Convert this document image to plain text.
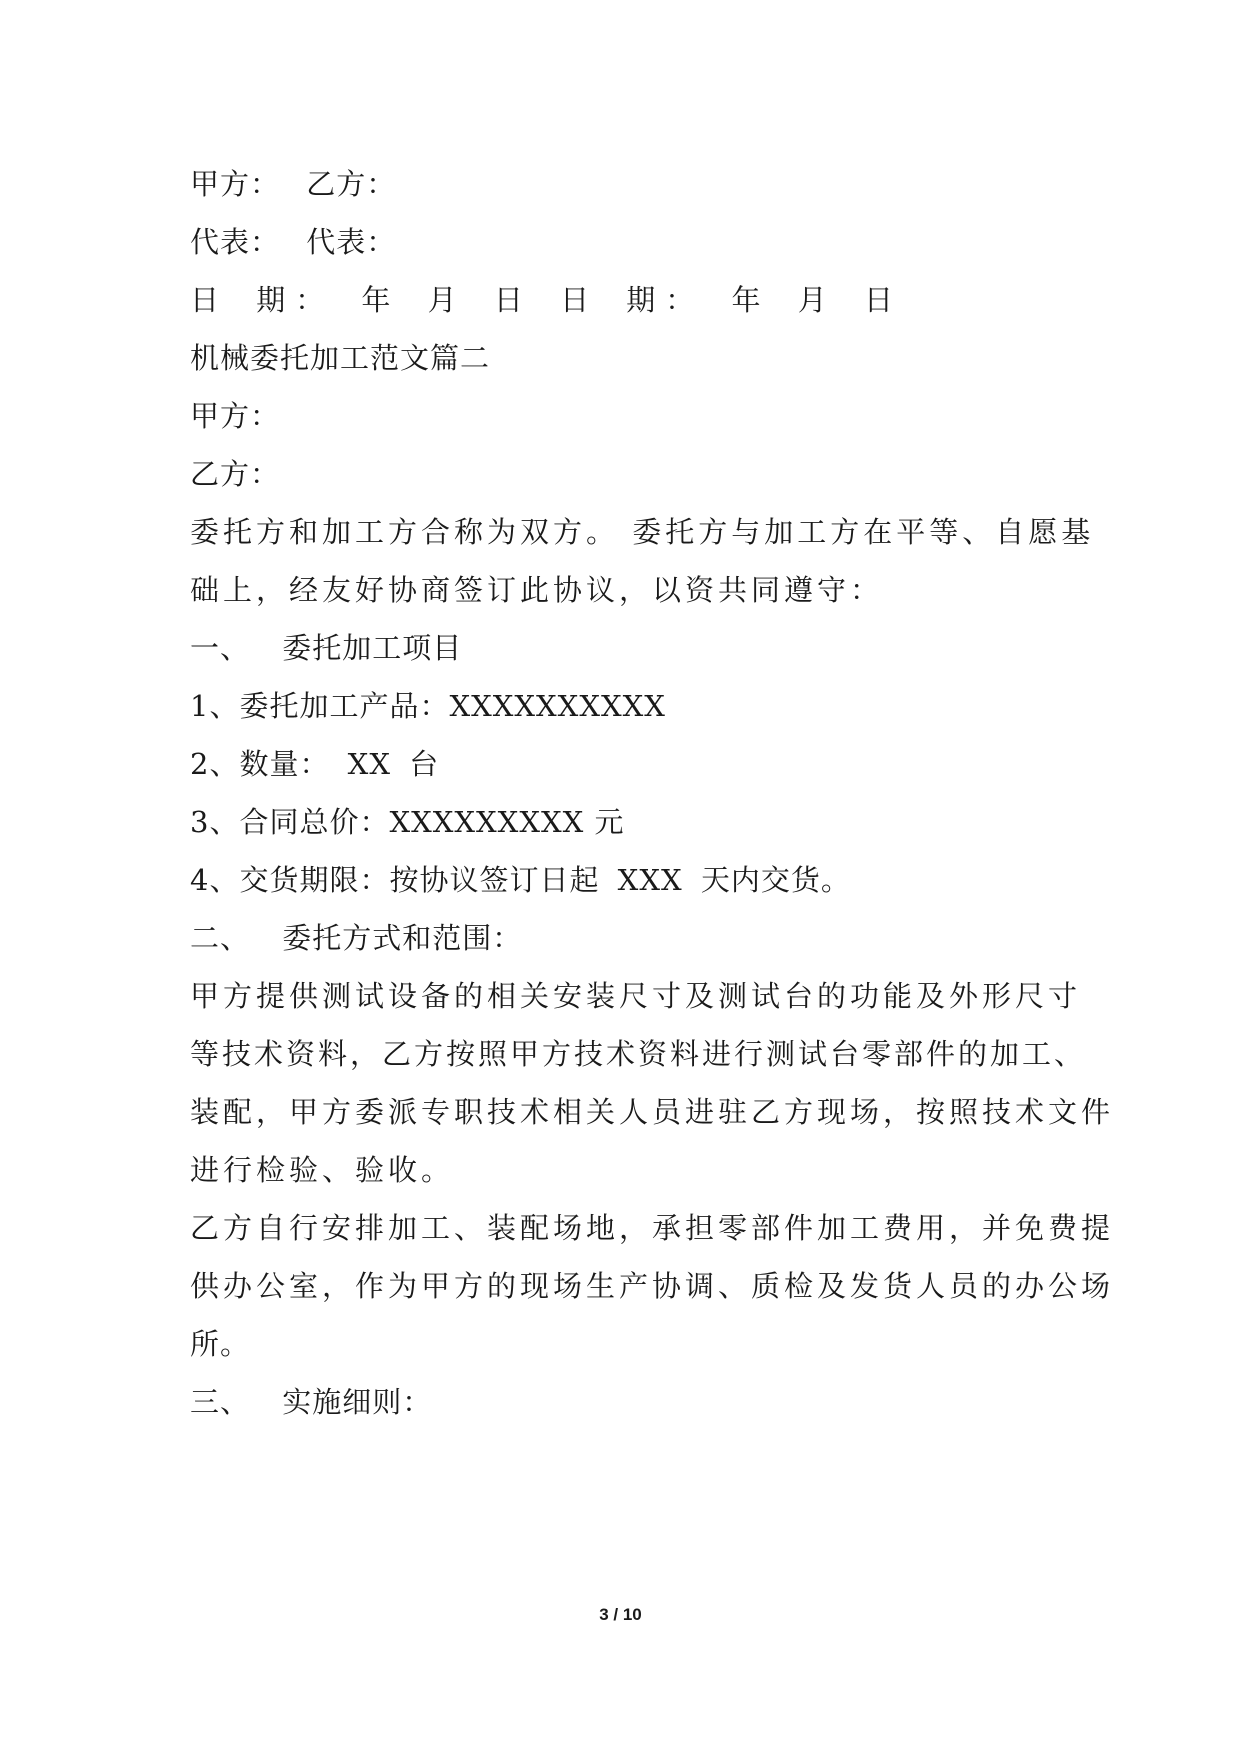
甲方： 乙方：
代表： 代表：
日 期： 年 月 日 日 期： 年 月 日
机械委托加工范文篇二
甲方：
乙方：
委托方和加工方合称为双方。 委托方与加工方在平等、自愿基
础上，经友好协商签订此协议，以资共同遵守：
一、 委托加工项目
1、委托加工产品：XXXXXXXXXX
2、数量： XX 台
3、合同总价：XXXXXXXXX 元
4、交货期限：按协议签订日起 XXX 天内交货。
二、 委托方式和范围：
甲方提供测试设备的相关安装尺寸及测试台的功能及外形尺寸
等技术资料，乙方按照甲方技术资料进行测试台零部件的加工、
装配，甲方委派专职技术相关人员进驻乙方现场，按照技术文件
进行检验、验收。
乙方自行安排加工、装配场地，承担零部件加工费用，并免费提
供办公室，作为甲方的现场生产协调、质检及发货人员的办公场
所。
三、 实施细则：
3 / 10
